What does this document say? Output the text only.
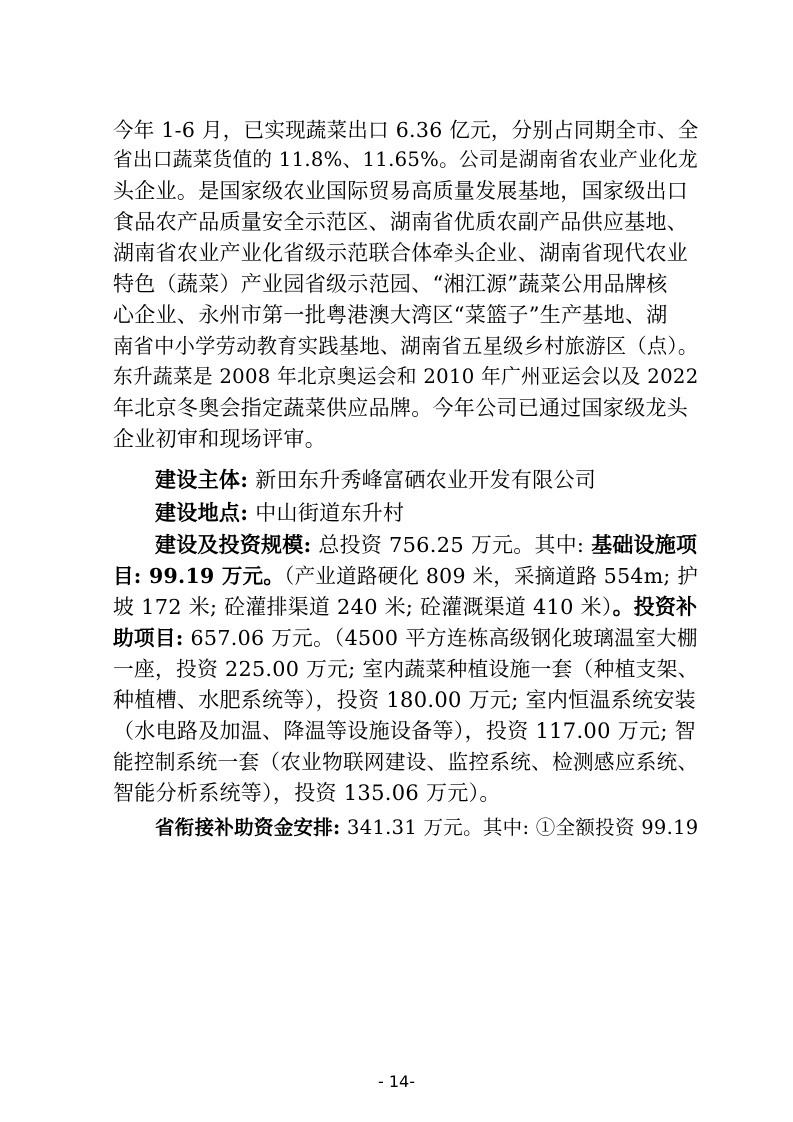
今年 1-6 月，已实现蔬菜出口 6.36 亿元，分别占同期全市、全
省出口蔬菜货值的 11.8%、11.65%。公司是湖南省农业产业化龙
头企业。是国家级农业国际贸易高质量发展基地，国家级出口
食品农产品质量安全示范区、湖南省优质农副产品供应基地、
湖南省农业产业化省级示范联合体牵头企业、湖南省现代农业
特色（蔬菜）产业园省级示范园、“湘江源”蔬菜公用品牌核
心企业、永州市第一批粤港澳大湾区“菜篮子”生产基地、湖
南省中小学劳动教育实践基地、湖南省五星级乡村旅游区（点）。
东升蔬菜是 2008 年北京奥运会和 2010 年广州亚运会以及 2022
年北京冬奥会指定蔬菜供应品牌。今年公司已通过国家级龙头
企业初审和现场评审。
建设主体: 新田东升秀峰富硒农业开发有限公司
建设地点: 中山街道东升村
建设及投资规模: 总投资 756.25 万元。其中: 基础设施项
目: 99.19 万元。（产业道路硬化 809 米，采摘道路 554m; 护
坡 172 米; 砼灌排渠道 240 米; 砼灌溉渠道 410 米）。投资补
助项目: 657.06 万元。（4500 平方连栋高级钢化玻璃温室大棚
一座，投资 225.00 万元; 室内蔬菜种植设施一套（种植支架、
种植槽、水肥系统等），投资 180.00 万元; 室内恒温系统安装
（水电路及加温、降温等设施设备等），投资 117.00 万元; 智
能控制系统一套（农业物联网建设、监控系统、检测感应系统、
智能分析系统等），投资 135.06 万元）。
省衔接补助资金安排: 341.31 万元。其中: ①全额投资 99.19
- 14-
